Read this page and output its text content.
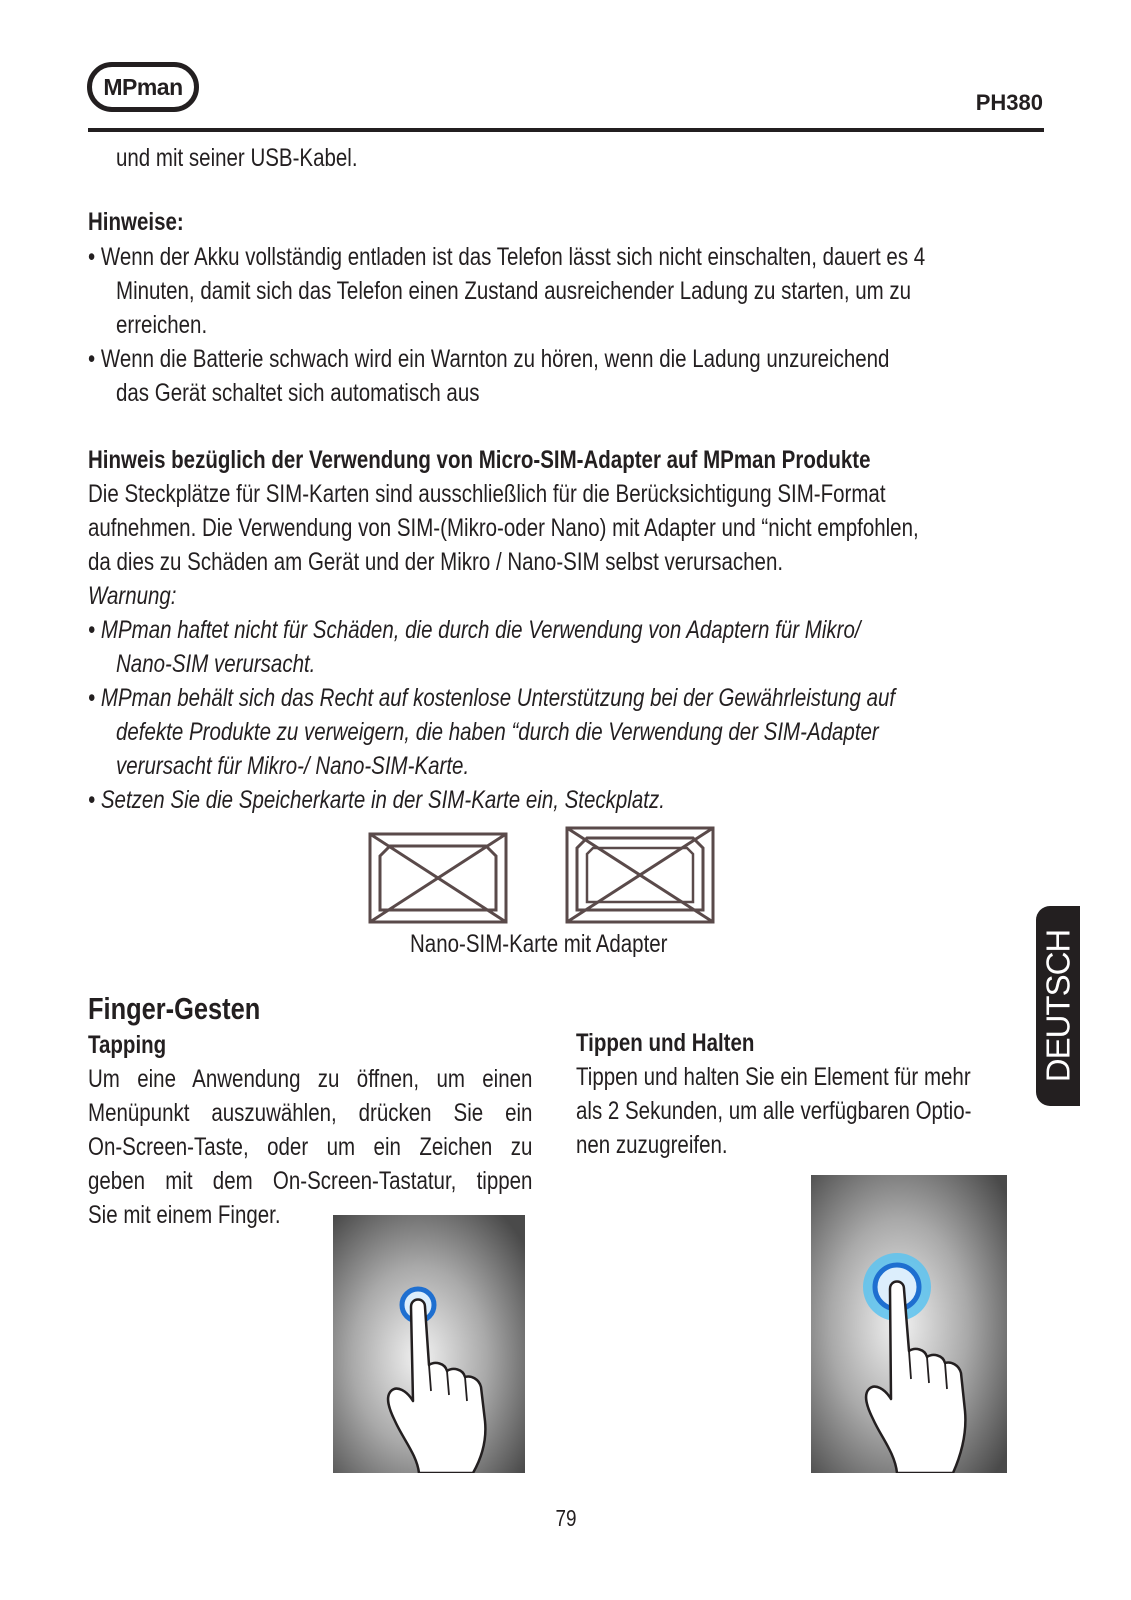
MPman
PH380
und mit seiner USB-Kabel.
Hinweise:
• Wenn der Akku vollständig entladen ist das Telefon lässt sich nicht einschalten, dauert es 4
Minuten, damit sich das Telefon einen Zustand ausreichender Ladung zu starten, um zu
erreichen.
• Wenn die Batterie schwach wird ein Warnton zu hören, wenn die Ladung unzureichend
das Gerät schaltet sich automatisch aus
Hinweis bezüglich der Verwendung von Micro-SIM-Adapter auf MPman Produkte
Die Steckplätze für SIM-Karten sind ausschließlich für die Berücksichtigung SIM-Format
aufnehmen. Die Verwendung von SIM-(Mikro-oder Nano) mit Adapter und “nicht empfohlen,
da dies zu Schäden am Gerät und der Mikro / Nano-SIM selbst verursachen.
Warnung:
• MPman haftet nicht für Schäden, die durch die Verwendung von Adaptern für Mikro/
Nano-SIM verursacht.
• MPman behält sich das Recht auf kostenlose Unterstützung bei der Gewährleistung auf
defekte Produkte zu verweigern, die haben “durch die Verwendung der SIM-Adapter
verursacht für Mikro-/ Nano-SIM-Karte.
• Setzen Sie die Speicherkarte in der SIM-Karte ein, Steckplatz.
Nano-SIM-Karte mit Adapter
Finger-Gesten
Tapping
Um eine Anwendung zu öffnen, um einen
Menüpunkt auszuwählen, drücken Sie ein
On-Screen-Taste, oder um ein Zeichen zu
geben mit dem On-Screen-Tastatur, tippen
Sie mit einem Finger.
Tippen und Halten
Tippen und halten Sie ein Element für mehr
als 2 Sekunden, um alle verfügbaren Optio-
nen zuzugreifen.
DEUTSCH
79
